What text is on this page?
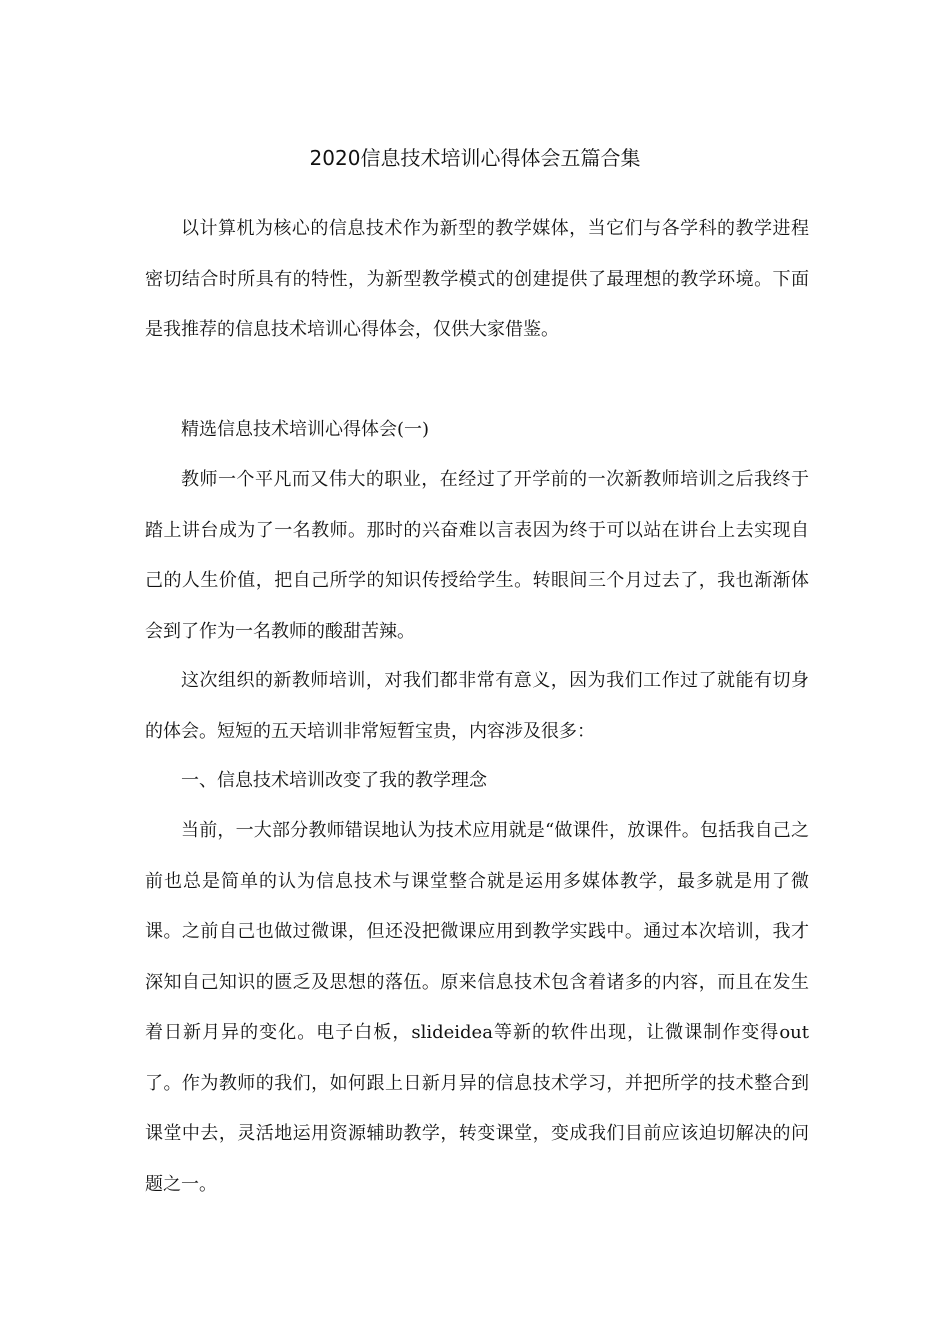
2020信息技术培训心得体会五篇合集

以计算机为核心的信息技术作为新型的教学媒体，当它们与各学科的教学进程密切结合时所具有的特性，为新型教学模式的创建提供了最理想的教学环境。下面是我推荐的信息技术培训心得体会，仅供大家借鉴。

精选信息技术培训心得体会(一)

教师一个平凡而又伟大的职业，在经过了开学前的一次新教师培训之后我终于踏上讲台成为了一名教师。那时的兴奋难以言表因为终于可以站在讲台上去实现自己的人生价值，把自己所学的知识传授给学生。转眼间三个月过去了，我也渐渐体会到了作为一名教师的酸甜苦辣。

这次组织的新教师培训，对我们都非常有意义，因为我们工作过了就能有切身的体会。短短的五天培训非常短暂宝贵，内容涉及很多：

一、信息技术培训改变了我的教学理念

当前，一大部分教师错误地认为技术应用就是“做课件，放课件。包括我自己之前也总是简单的认为信息技术与课堂整合就是运用多媒体教学，最多就是用了微课。之前自己也做过微课，但还没把微课应用到教学实践中。通过本次培训，我才深知自己知识的匮乏及思想的落伍。原来信息技术包含着诸多的内容，而且在发生着日新月异的变化。电子白板，slideidea等新的软件出现，让微课制作变得out了。作为教师的我们，如何跟上日新月异的信息技术学习，并把所学的技术整合到课堂中去，灵活地运用资源辅助教学，转变课堂，变成我们目前应该迫切解决的问题之一。
